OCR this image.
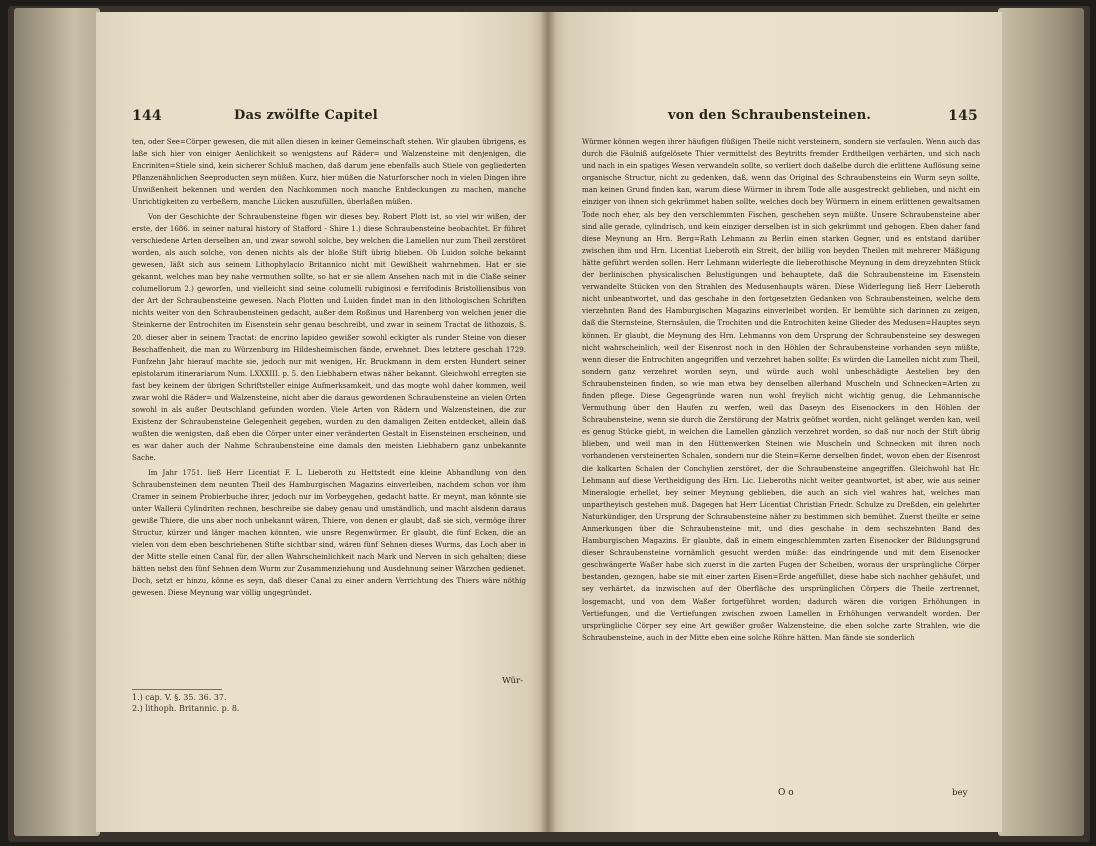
144	Das zwölfte Capitel

ten, oder See=Cörper gewesen, die mit allen diesen in keiner Gemeinschaft stehen. Wir glauben übrigens, es laße sich hier von einiger Aenlichkeit so wenigstens auf Räder= und Walzensteine mit denjenigen, die Encriniten=Stiele sind, kein sicherer Schluß machen, daß darum jene ebenfalls auch Stiele von gegliederten Pflanzenähnlichen Seeproducten seyn müßen. Kurz, hier müßen die Naturforscher noch in vielen Dingen ihre Unwißenheit bekennen und werden den Nachkommen noch manche Entdeckungen zu machen, manche Unrichtigkeiten zu verbeßern, manche Lücken auszufüllen, überlaßen müßen.

Von der Geschichte der Schraubensteine fügen wir dieses bey. Robert Plott ist, so viel wir wißen, der erste, der 1686. in seiner natural history of Stafford - Shire 1.) diese Schraubensteine beobachtet. Er führet verschiedene Arten derselben an, und zwar sowohl solche, bey welchen die Lamellen nur zum Theil zerstöret worden, als auch solche, von denen nichts als der bloße Stift übrig blieben. Ob Luidon solche bekannt gewesen, läßt sich aus seinem Lithophylacio Britannico nicht mit Gewißheit wahrnehmen. Hat er sie gekannt, welches man bey nahe vermuthen sollte, so hat er sie allem Ansehen nach mit in die Claße seiner columellorum 2.) geworfen, und vielleicht sind seine columelli rubiginosi e ferrifodinis Bristolliensibus von der Art der Schraubensteine gewesen. Nach Plotten und Luiden findet man in den lithologischen Schriften nichts weiter von den Schraubensteinen gedacht, außer dem Roßinus und Harenberg von welchen jener die Steinkerne der Entrochiten im Eisenstein sehr genau beschreibt, und zwar in seinem Tractat de lithozois, S. 20. dieser aber in seinem Tractat: de encrino lapideo gewißer sowohl eckigter als runder Steine von dieser Beschaffenheit, die man zu Würzenburg im Hildesheimischen fände, erwehnet. Dies letztere geschah 1729. Funfzehn Jahr hierauf machte sie, jedoch nur mit wenigen, Hr. Bruckmann in dem ersten Hundert seiner epistolarum itinerariarum Num. LXXXIII. p. 5. den Liebhabern etwas näher bekannt. Gleichwohl erregten sie fast bey keinem der übrigen Schriftsteller einige Aufmerksamkeit, und das mogte wohl daher kommen, weil zwar wohl die Räder= und Walzensteine, nicht aber die daraus gewordenen Schraubensteine an vielen Orten sowohl in als außer Deutschland gefunden worden. Viele Arten von Rädern und Walzensteinen, die zur Existenz der Schraubensteine Gelegenheit gegeben, wurden zu den damaligen Zeiten entdecket, allein daß wußten die wenigsten, daß eben die Cörper unter einer veränderten Gestalt in Eisensteinen erscheinen, und es war daher auch der Nahme Schraubensteine eine damals den meisten Liebhabern ganz unbekannte Sache.

Im Jahr 1751. ließ Herr Licentiat F. L. Lieberoth zu Hettstedt eine kleine Abhandlung von den Schraubensteinen dem neunten Theil des Hamburgischen Magazins einverleiben, nachdem schon vor ihm Cramer in seinem Probierbuche ihrer, jedoch nur im Vorbeygehen, gedacht hatte. Er meynt, man könnte sie unter Wallerii Cylindriten rechnen, beschreibe sie dabey genau und umständlich, und macht alsdenn daraus gewiße Thiere, die uns aber noch unbekannt wären, Thiere, von denen er glaubt, daß sie sich, vermöge ihrer Structur, kürzer und länger machen könnten, wie unsre Regenwürmer. Er glaubt, die fünf Ecken, die an vielen von dem eben beschriebenen Stifte sichtbar sind, wären fünf Sehnen dieses Wurms, das Loch aber in der Mitte stelle einen Canal für, der allen Wahrscheinlichkeit nach Mark und Nerven in sich gehalten; diese hätten nebst den fünf Sehnen dem Wurm zur Zusammenziehung und Ausdehnung seiner Wärzchen gedienet. Doch, setzt er hinzu, könne es seyn, daß dieser Canal zu einer andern Verrichtung des Thiers wäre nöthig gewesen. Diese Meynung war völlig ungegründet.

Wür-
1.) cap. V. §. 35. 36. 37.
2.) lithoph. Britannic. p. 8.
von den Schraubensteinen.	145

Würmer können wegen ihrer häufigen flüßigen Theile nicht versteinern, sondern sie verfaulen. Wenn auch das durch die Fäulniß aufgelösete Thier vermittelst des Beytritts fremder Erdtheilgen verhärten, und sich nach und nach in ein spatiges Wesen verwandeln sollte, so verliert doch daßelbe durch die erlittene Auflösung seine organische Structur, nicht zu gedenken, daß, wenn das Original des Schraubensteins ein Wurm seyn sollte, man keinen Grund finden kan, warum diese Würmer in ihrem Tode alle ausgestreckt geblieben, und nicht ein einziger von ihnen sich gekrümmet haben sollte, welches doch bey Würmern in einem erlittenen gewaltsamen Tode noch eher, als bey den verschlemmten Fischen, geschehen seyn müßte. Unsere Schraubensteine aber sind alle gerade, cylindrisch, und kein einziger derselben ist in sich gekrümmt und gebogen. Eben daher fand diese Meynung an Hrn. Berg=Rath Lehmann zu Berlin einen starken Gegner, und es entstand darüber zwischen ihm und Hrn. Licentiat Lieberoth ein Streit, der billig von beyden Theilen mit mehrerer Mäßigung hätte geführt werden sollen. Herr Lehmann widerlegte die lieberothische Meynung in dem dreyzehnten Stück der berlinischen physicalischen Belustigungen und behauptete, daß die Schraubensteine im Eisenstein verwandelte Stücken von den Strahlen des Medusenhaupts wären. Diese Widerlegung ließ Herr Lieberoth nicht unbeantwortet, und das geschahe in den fortgesetzten Gedanken von Schraubensteinen, welche dem vierzehnten Band des Hamburgischen Magazins einverleibet worden. Er bemühte sich darinnen zu zeigen, daß die Sternsteine, Sternsäulen, die Trochiten und die Entrochiten keine Glieder des Medusen=Hauptes seyn können. Er glaubt, die Meynung des Hrn. Lehmanns von dem Ursprung der Schraubensteine sey deswegen nicht wahrscheinlich, weil der Eisenrost noch in den Höhlen der Schraubensteine vorhanden seyn müßte, wenn dieser die Entrochiten angegriffen und verzehret haben sollte: Es würden die Lamellen nicht zum Theil, sondern ganz verzehret worden seyn, und würde auch wohl unbeschädigte Aestelien bey den Schraubensteinen finden, so wie man etwa bey denselben allerhand Muscheln und Schnecken=Arten zu finden pflege. Diese Gegengründe waren nun wohl freylich nicht wichtig genug, die Lehmannische Vermuthung über den Haufen zu werfen, weil das Daseyn des Eisenockers in den Höhlen der Schraubensteine, wenn sie durch die Zerstörung der Matrix geöfnet worden, nicht gelänget werden kan, weil es genug Stücke giebt, in welchen die Lamellen gänzlich verzehret worden, so daß nur noch der Stift übrig blieben, und weil man in den Hüttenwerken Steinen wie Muscheln und Schnecken mit ihren noch vorhandenen versteinerten Schalen, sondern nur die Stein=Kerne derselben findet, wovon eben der Eisenrost die kalkarten Schalen der Conchylien zerstöret, der die Schraubensteine angegriffen. Gleichwohl hat Hr. Lehmann auf diese Vertheidigung des Hrn. Lic. Lieberoths nicht weiter geantwortet, ist aber, wie aus seiner Mineralogie erhellet, bey seiner Meynung geblieben, die auch an sich viel wahres hat, welches man unpartheyisch gestehen muß. Dagegen hat Herr Licentiat Christian Friedr. Schulze zu Dreßden, ein gelehrter Naturkündiger, den Ursprung der Schraubensteine näher zu bestimmen sich bemühet. Zuerst theilte er seine Anmerkungen über die Schraubensteine mit, und dies geschahe in dem sechszehnten Band des Hamburgischen Magazins. Er glaubte, daß in einem eingeschlemmten zarten Eisenocker der Bildungsgrund dieser Schraubensteine vornämlich gesucht werden müße: das eindringende und mit dem Eisenocker geschwängerte Waßer habe sich zuerst in die zarten Fugen der Scheiben, woraus der ursprüngliche Cörper bestanden, gezogen, habe sie mit einer zarten Eisen=Erde angefüllet, diese habe sich nachher gehäufet, und sey verhärtet, da inzwischen auf der Oberfläche des ursprünglichen Cörpers die Theile zertrennet, losgemacht, und von dem Waßer fortgeführet worden; dadurch wären die vorigen Erhöhungen in Vertiefungen, und die Vertiefungen zwischen zwoen Lamellen in Erhöhungen verwandelt worden. Der ursprüngliche Cörper sey eine Art gewißer großer Walzensteine, die eben solche zarte Strahlen, wie die Schraubensteine, auch in der Mitte eben eine solche Röhre hätten. Man fände sie sonderlich

O o	bey
